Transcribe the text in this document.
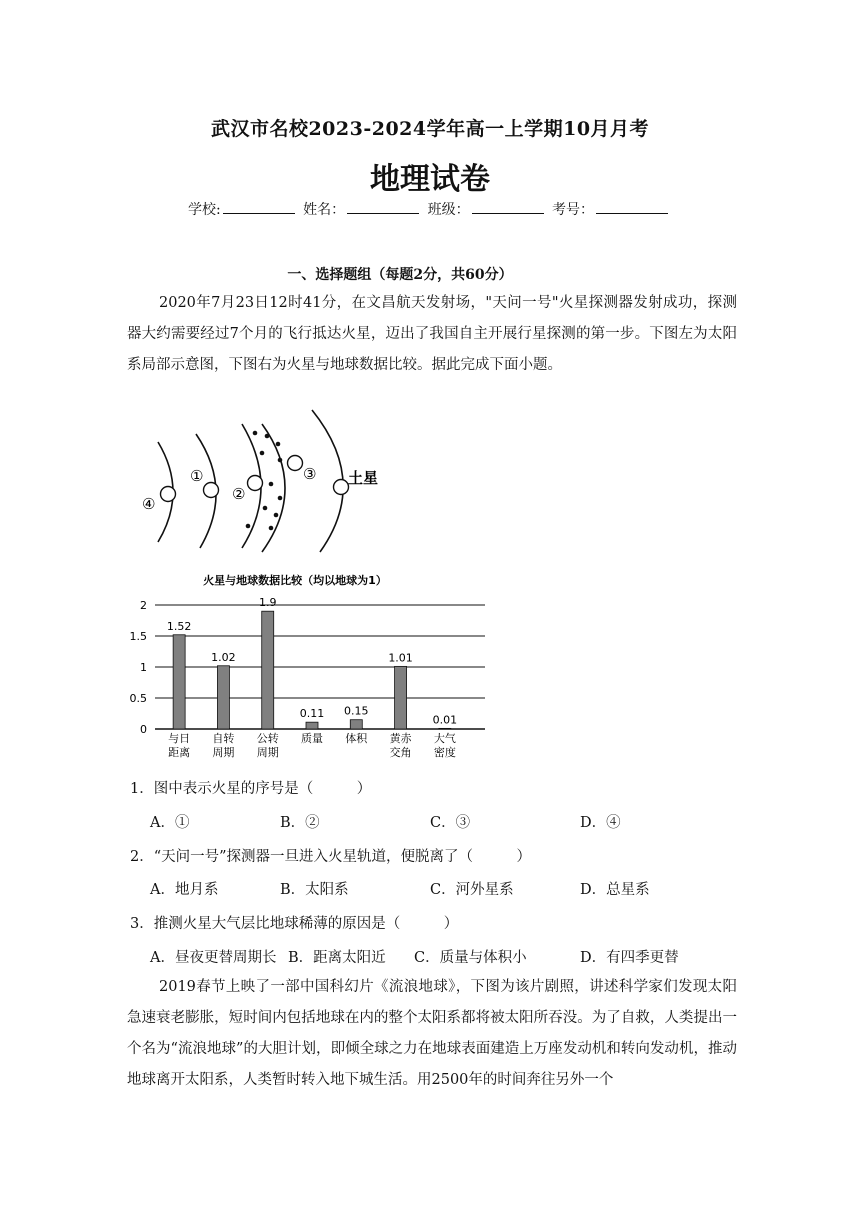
武汉市名校2023-2024学年高一上学期10月月考
地理试卷
学校:	姓名：	班级：	考号：
一、选择题组（每题2分，共60分）
2020年7月23日12时41分，在文昌航天发射场，"天问一号"火星探测器发射成功，探测器大约需要经过7个月的飞行抵达火星，迈出了我国自主开展行星探测的第一步。下图左为太阳系局部示意图，下图右为火星与地球数据比较。据此完成下面小题。
④
①
②
③ 土星
火星与地球数据比较（均以地球为1）
0
0.5
1
1.5
2
1.52
1.02
1.9
0.11 0.15
1.01
0.01
与日
距离
自转
周期
公转
周期
质量 体积 黄赤
交角
大气
密度
1．图中表示火星的序号是（　　　）
A．①	B．②	C．③	D．④
2．“天问一号”探测器一旦进入火星轨道，便脱离了（　　　）
A．地月系	B．太阳系	C．河外星系	D．总星系
3．推测火星大气层比地球稀薄的原因是（　　　）
A．昼夜更替周期长 B．距离太阳近 C．质量与体积小	D．有四季更替
2019春节上映了一部中国科幻片《流浪地球》，下图为该片剧照，讲述科学家们发现太阳急速衰老膨胀，短时间内包括地球在内的整个太阳系都将被太阳所吞没。为了自救，人类提出一个名为“流浪地球”的大胆计划，即倾全球之力在地球表面建造上万座发动机和转向发动机，推动地球离开太阳系，人类暂时转入地下城生活。用2500年的时间奔往另外一个
